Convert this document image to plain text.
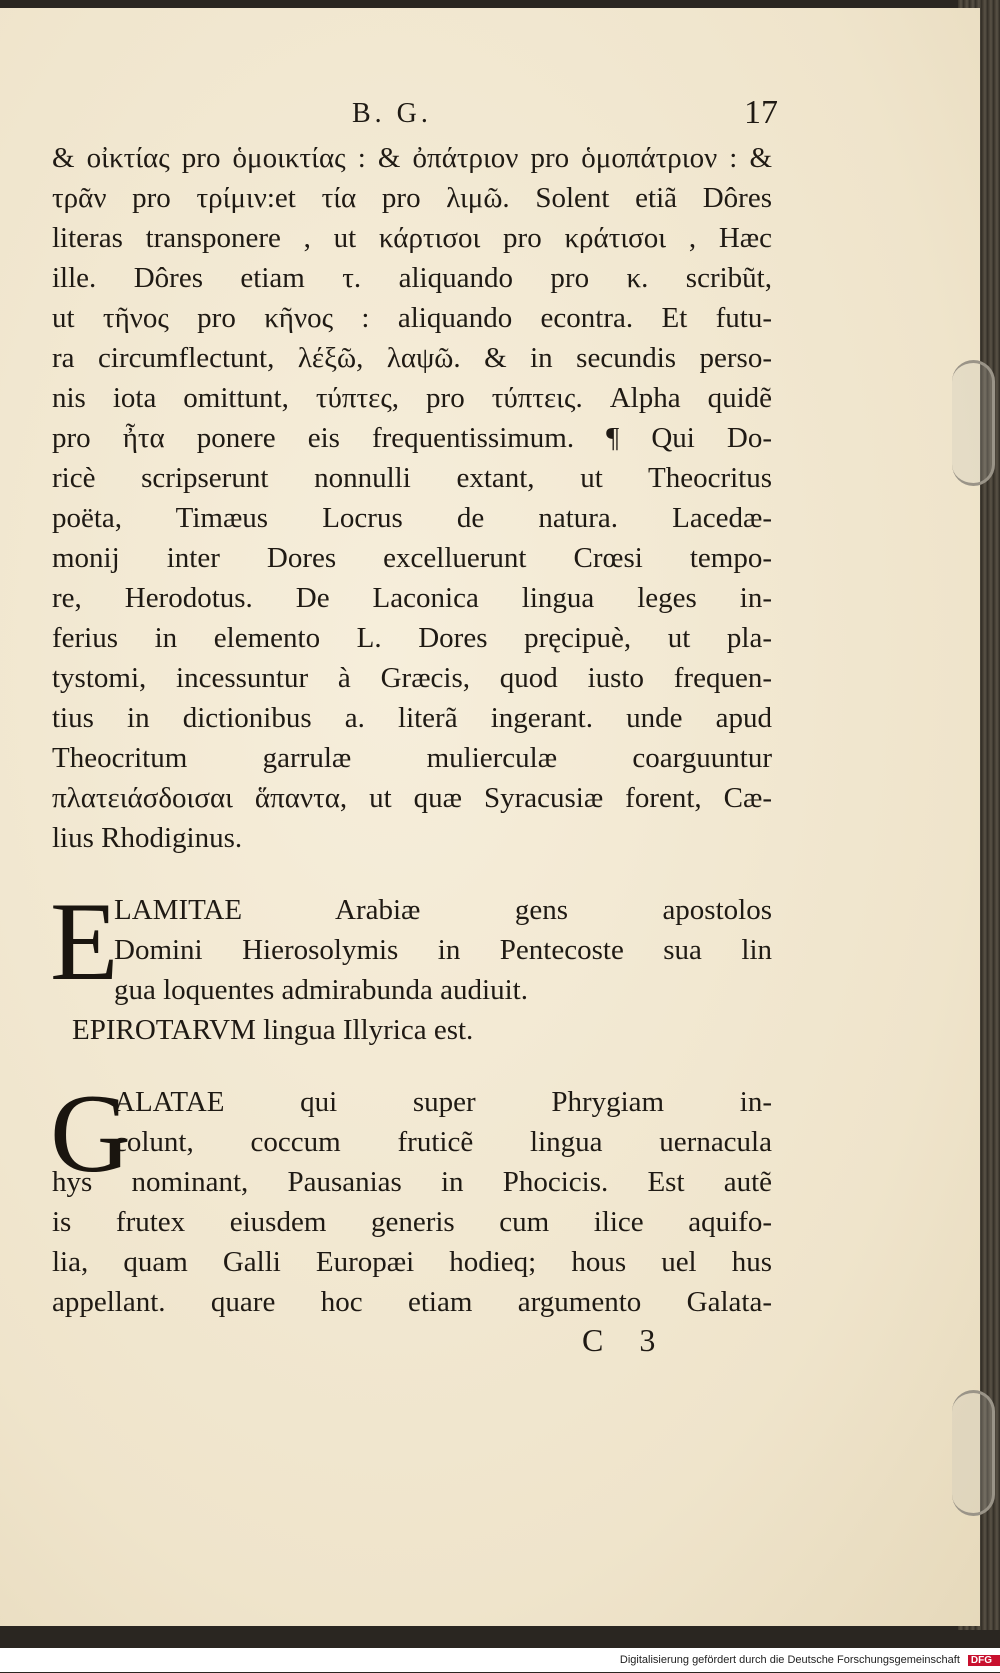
B. G.	17
& οἰκτίας pro ὁμοικτίας : & ὀπάτριον pro ὁμοπάτριον : &
τρᾶν pro τρίμιν:et τία pro λιμῶ. Solent etiã Dôres
literas transponere , ut κάρτισοι pro κράτισοι , Hæc
ille. Dôres etiam τ. aliquando pro κ. scribũt,
ut τῆνος pro κῆνος : aliquando econtra. Et futu-
ra circumflectunt, λέξῶ, λαψῶ. & in secundis perso-
nis iota omittunt, τύπτες, pro τύπτεις. Alpha quidẽ
pro ἦτα ponere eis frequentissimum. ¶ Qui Do-
ricè scripserunt nonnulli extant, ut Theocritus
poëta, Timæus Locrus de natura. Lacedæ-
monij inter Dores excelluerunt Crœsi tempo-
re, Herodotus. De Laconica lingua leges in-
ferius in elemento L. Dores pręcipuè, ut pla-
tystomi, incessuntur à Græcis, quod iusto frequen-
tius in dictionibus a. literã ingerant. unde apud
Theocritum garrulæ mulierculæ coarguuntur
πλατειάσδοισαι ἅπαντα, ut quæ Syracusiæ forent, Cæ-
lius Rhodiginus.
E
LAMITAE Arabiæ gens apostolos
Domini Hierosolymis in Pentecoste sua lin
gua loquentes admirabunda audiuit.
EPIROTARVM lingua Illyrica est.
G
ALATAE qui super Phrygiam in-
colunt, coccum fruticẽ lingua uernacula
hys nominant, Pausanias in Phocicis. Est autẽ
is frutex eiusdem generis cum ilice aquifo-
lia, quam Galli Europæi hodieq; hous uel hus
appellant. quare hoc etiam argumento Galata-
C 3
Digitalisierung gefördert durch die Deutsche Forschungsgemeinschaft DFG
